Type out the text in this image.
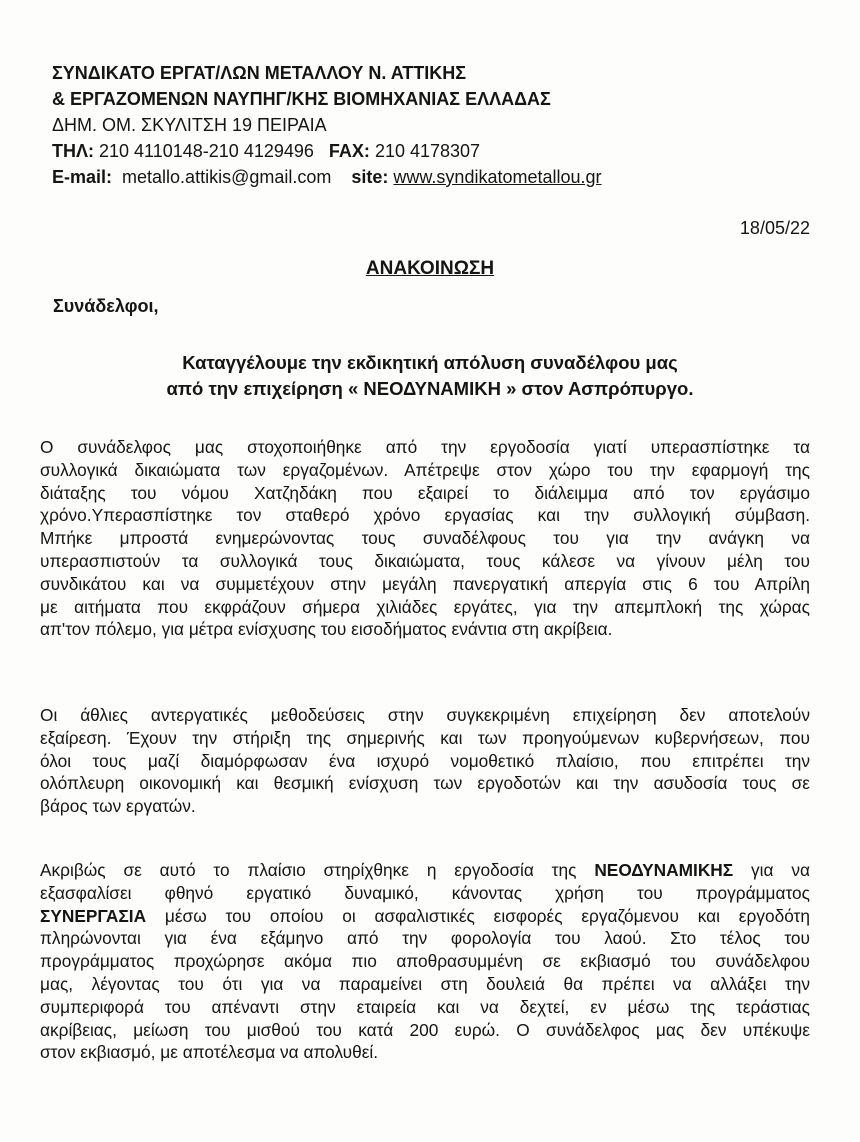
ΣΥΝΔΙΚΑΤΟ ΕΡΓΑΤ/ΛΩΝ ΜΕΤΑΛΛΟΥ Ν. ΑΤΤΙΚΗΣ
& ΕΡΓΑΖΟΜΕΝΩΝ ΝΑΥΠΗΓ/ΚΗΣ ΒΙΟΜΗΧΑΝΙΑΣ ΕΛΛΑΔΑΣ
ΔΗΜ. ΟΜ. ΣΚΥΛΙΤΣΗ 19 ΠΕΙΡΑΙΑ
ΤΗΛ: 210 4110148-210 4129496 FAX: 210 4178307
E-mail: metallo.attikis@gmail.com site: www.syndikatometallou.gr
18/05/22
ΑΝΑΚΟΙΝΩΣΗ
Συνάδελφοι,
Καταγγέλουμε την εκδικητική απόλυση συναδέλφου μας
από την επιχείρηση « ΝΕΟΔΥΝΑΜΙΚΗ » στον Ασπρόπυργο.
Ο συνάδελφος μας στοχοποιήθηκε από την εργοδοσία γιατί υπερασπίστηκε τα
συλλογικά δικαιώματα των εργαζομένων. Απέτρεψε στον χώρο του την εφαρμογή της
διάταξης του νόμου Χατζηδάκη που εξαιρεί το διάλειμμα από τον εργάσιμο
χρόνο.Υπερασπίστηκε τον σταθερό χρόνο εργασίας και την συλλογική σύμβαση.
Μπήκε μπροστά ενημερώνοντας τους συναδέλφους του για την ανάγκη να
υπερασπιστούν τα συλλογικά τους δικαιώματα, τους κάλεσε να γίνουν μέλη του
συνδικάτου και να συμμετέχουν στην μεγάλη πανεργατική απεργία στις 6 του Απρίλη
με αιτήματα που εκφράζουν σήμερα χιλιάδες εργάτες, για την απεμπλοκή της χώρας
απ'τον πόλεμο, για μέτρα ενίσχυσης του εισοδήματος ενάντια στη ακρίβεια.
Οι άθλιες αντεργατικές μεθοδεύσεις στην συγκεκριμένη επιχείρηση δεν αποτελούν
εξαίρεση. Έχουν την στήριξη της σημερινής και των προηγούμενων κυβερνήσεων, που
όλοι τους μαζί διαμόρφωσαν ένα ισχυρό νομοθετικό πλαίσιο, που επιτρέπει την
ολόπλευρη οικονομική και θεσμική ενίσχυση των εργοδοτών και την ασυδοσία τους σε
βάρος των εργατών.
Ακριβώς σε αυτό το πλαίσιο στηρίχθηκε η εργοδοσία της ΝΕΟΔΥΝΑΜΙΚΗΣ για να
εξασφαλίσει φθηνό εργατικό δυναμικό, κάνοντας χρήση του προγράμματος
ΣΥΝΕΡΓΑΣΙΑ μέσω του οποίου οι ασφαλιστικές εισφορές εργαζόμενου και εργοδότη
πληρώνονται για ένα εξάμηνο από την φορολογία του λαού. Στο τέλος του
προγράμματος προχώρησε ακόμα πιο αποθρασυμμένη σε εκβιασμό του συνάδελφου
μας, λέγοντας του ότι για να παραμείνει στη δουλειά θα πρέπει να αλλάξει την
συμπεριφορά του απέναντι στην εταιρεία και να δεχτεί, εν μέσω της τεράστιας
ακρίβειας, μείωση του μισθού του κατά 200 ευρώ. Ο συνάδελφος μας δεν υπέκυψε
στον εκβιασμό, με αποτέλεσμα να απολυθεί.
